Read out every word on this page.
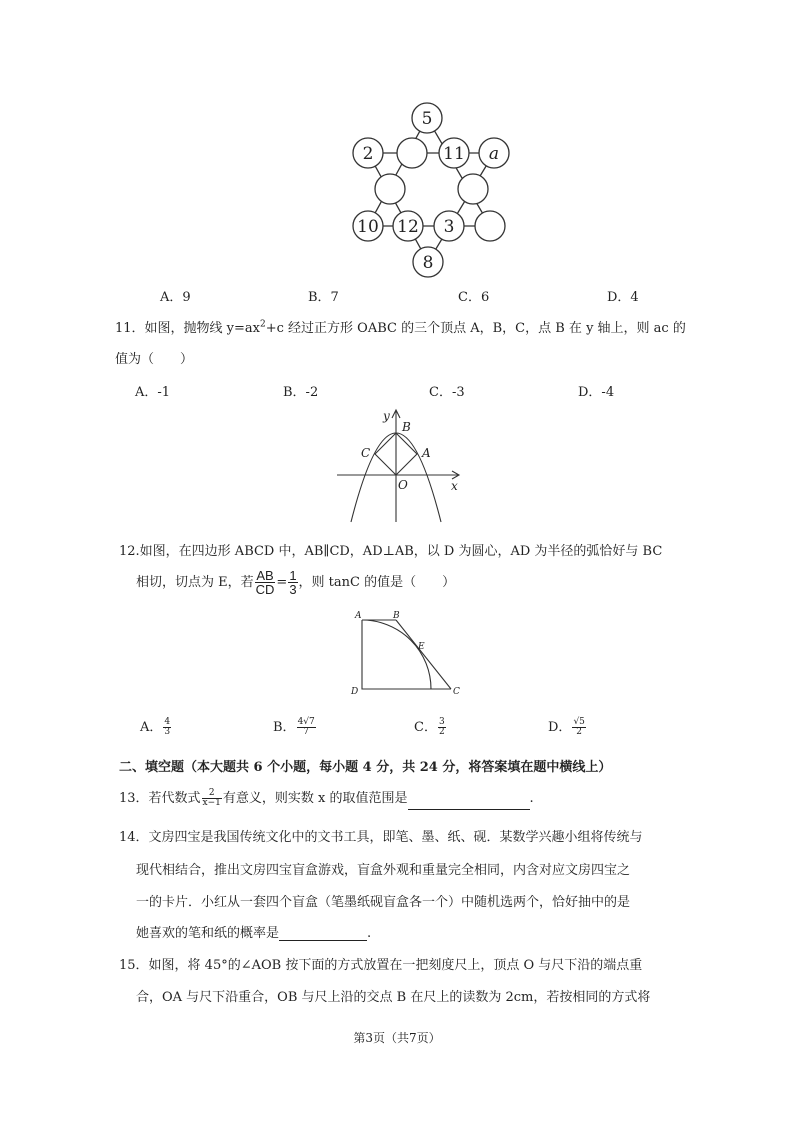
5
2	11 a
10 12 3
8
A．9	B．7	C．6	D．4
11．如图，抛物线 $y=ax^2+c$ 经过正方形 OABC 的三个顶点 A，B，C，点 B 在 y 轴上，则 ac 的
值为（　　）
A．-1	B．-2	C．-3	D．-4
y
B
C	A
O	x
12.如图，在四边形 ABCD 中，AB∥CD，AD⊥AB，以 D 为圆心，AD 为半径的弧恰好与 BC
相切，切点为 E，若 $\frac{AB}{CD} = \frac{1}{3}$ ，则 tanC 的值是（　　）
A	B
E
D	C
A． $\frac{4}{3}$	B． $\frac{4√7}{7}$	C． $\frac{3}{2}$	D． $\frac{√5}{2}$
二、填空题（本大题共 6 个小题，每小题 4 分，共 24 分，将答案填在题中横线上）
13．若代数式 $\frac{2}{x-1}$ 有意义，则实数 x 的取值范围是	.
14．文房四宝是我国传统文化中的文书工具，即笔、墨、纸、砚．某数学兴趣小组将传统与
现代相结合，推出文房四宝盲盒游戏，盲盒外观和重量完全相同，内含对应文房四宝之
一的卡片．小红从一套四个盲盒（笔墨纸砚盲盒各一个）中随机选两个，恰好抽中的是
她喜欢的笔和纸的概率是	.
15．如图，将 45°的∠AOB 按下面的方式放置在一把刻度尺上，顶点 O 与尺下沿的端点重
合，OA 与尺下沿重合，OB 与尺上沿的交点 B 在尺上的读数为 2cm，若按相同的方式将
第3页（共7页）
